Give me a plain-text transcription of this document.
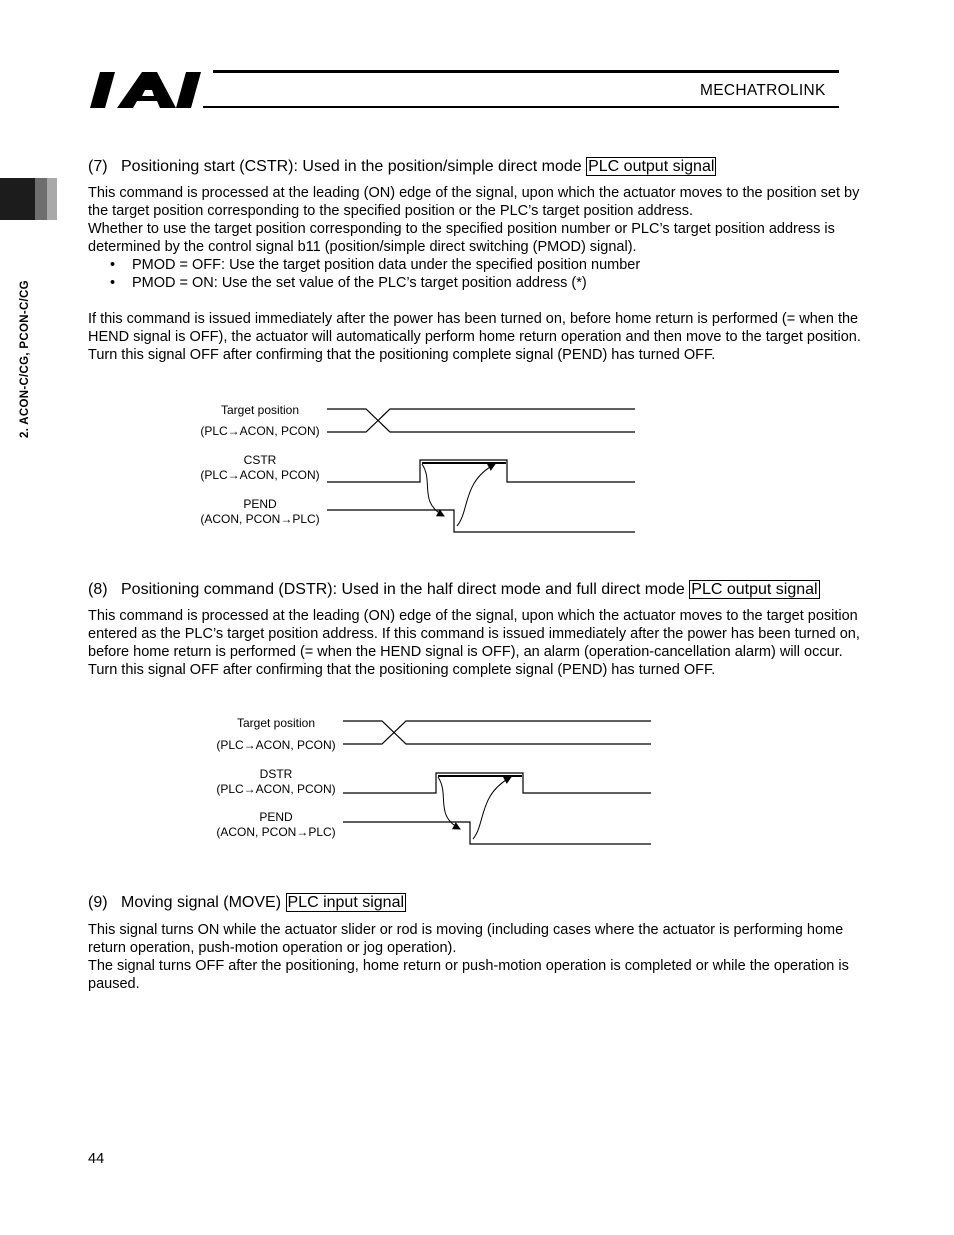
MECHATROLINK
2. ACON-C/CG, PCON-C/CG
(7) Positioning start (CSTR): Used in the position/simple direct mode PLC output signal

This command is processed at the leading (ON) edge of the signal, upon which the actuator moves to the position set by the target position corresponding to the specified position or the PLC’s target position address.

Whether to use the target position corresponding to the specified position number or PLC’s target position address is determined by the control signal b11 (position/simple direct switching (PMOD) signal).

• PMOD = OFF: Use the target position data under the specified position number
• PMOD = ON: Use the set value of the PLC’s target position address (*)

If this command is issued immediately after the power has been turned on, before home return is performed (= when the HEND signal is OFF), the actuator will automatically perform home return operation and then move to the target position.

Turn this signal OFF after confirming that the positioning complete signal (PEND) has turned OFF.

Target position
(PLC→ACON, PCON)
CSTR
(PLC→ACON, PCON)
PEND
(ACON, PCON→PLC)
(8) Positioning command (DSTR): Used in the half direct mode and full direct mode PLC output signal

This command is processed at the leading (ON) edge of the signal, upon which the actuator moves to the target position entered as the PLC’s target position address. If this command is issued immediately after the power has been turned on, before home return is performed (= when the HEND signal is OFF), an alarm (operation-cancellation alarm) will occur.

Turn this signal OFF after confirming that the positioning complete signal (PEND) has turned OFF.

Target position
(PLC→ACON, PCON)
DSTR
(PLC→ACON, PCON)
PEND
(ACON, PCON→PLC)
(9) Moving signal (MOVE) PLC input signal

This signal turns ON while the actuator slider or rod is moving (including cases where the actuator is performing home return operation, push-motion operation or jog operation).

The signal turns OFF after the positioning, home return or push-motion operation is completed or while the operation is paused.

44
